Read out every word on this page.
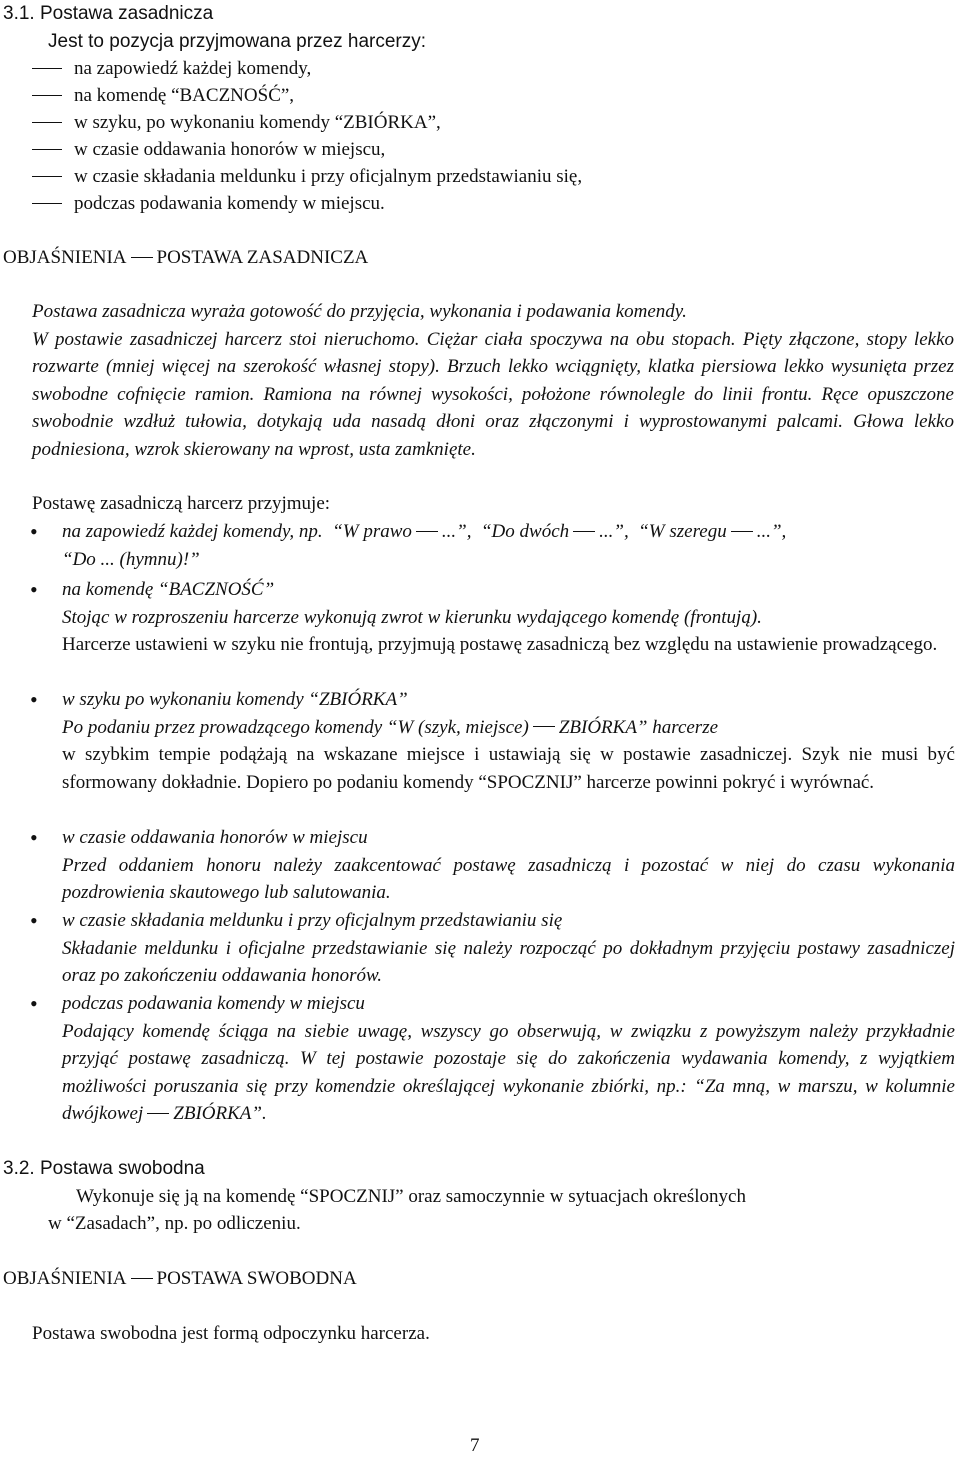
3.1. Postawa zasadnicza
Jest to pozycja przyjmowana przez harcerzy:
na zapowiedź każdej komendy,
na komendę “BACZNOŚĆ”,
w szyku, po wykonaniu komendy “ZBIÓRKA”,
w czasie oddawania honorów w miejscu,
w czasie składania meldunku i przy oficjalnym przedstawianiu się,
podczas podawania komendy w miejscu.
OBJAŚNIENIA POSTAWA ZASADNICZA

Postawa zasadnicza wyraża gotowość do przyjęcia, wykonania i podawania komendy.
W postawie zasadniczej harcerz stoi nieruchomo. Ciężar ciała spoczywa na obu stopach. Pięty złączone, stopy lekko rozwarte (mniej więcej na szerokość własnej stopy). Brzuch lekko wciągnięty, klatka piersiowa lekko wysunięta przez swobodne cofnięcie ramion. Ramiona na równej wysokości, położone równolegle do linii frontu. Ręce opuszczone swobodnie wzdłuż tułowia, dotykają uda nasadą dłoni oraz złączonymi i wyprostowanymi palcami. Głowa lekko podniesiona, wzrok skierowany na wprost, usta zamknięte.

Postawę zasadniczą harcerz przyjmuje:
• na zapowiedź każdej komendy, np. “W prawo ...”, “Do dwóch ...”, “W szeregu ...”,
“Do ... (hymnu)!”
• na komendę “BACZNOŚĆ”
Stojąc w rozproszeniu harcerze wykonują zwrot w kierunku wydającego komendę (frontują).
Harcerze ustawieni w szyku nie frontują, przyjmują postawę zasadniczą bez względu na ustawienie prowadzącego.
• w szyku po wykonaniu komendy “ZBIÓRKA”
Po podaniu przez prowadzącego komendy “W (szyk, miejsce) ZBIÓRKA” harcerze
w szybkim tempie podążają na wskazane miejsce i ustawiają się w postawie zasadniczej. Szyk nie musi być sformowany dokładnie. Dopiero po podaniu komendy “SPOCZNIJ” harcerze powinni pokryć i wyrównać.
• w czasie oddawania honorów w miejscu
Przed oddaniem honoru należy zaakcentować postawę zasadniczą i pozostać w niej do czasu wykonania pozdrowienia skautowego lub salutowania.
• w czasie składania meldunku i przy oficjalnym przedstawianiu się
Składanie meldunku i oficjalne przedstawianie się należy rozpocząć po dokładnym przyjęciu postawy zasadniczej oraz po zakończeniu oddawania honorów.
• podczas podawania komendy w miejscu
Podający komendę ściąga na siebie uwagę, wszyscy go obserwują, w związku z powyższym należy przykładnie przyjąć postawę zasadniczą. W tej postawie pozostaje się do zakończenia wydawania komendy, z wyjątkiem możliwości poruszania się przy komendzie określającej wykonanie zbiórki, np.: “Za mną, w marszu, w kolumnie dwójkowej ZBIÓRKA”.
3.2. Postawa swobodna
Wykonuje się ją na komendę “SPOCZNIJ” oraz samoczynnie w sytuacjach określonych
w “Zasadach”, np. po odliczeniu.
OBJAŚNIENIA POSTAWA SWOBODNA
Postawa swobodna jest formą odpoczynku harcerza.
7
